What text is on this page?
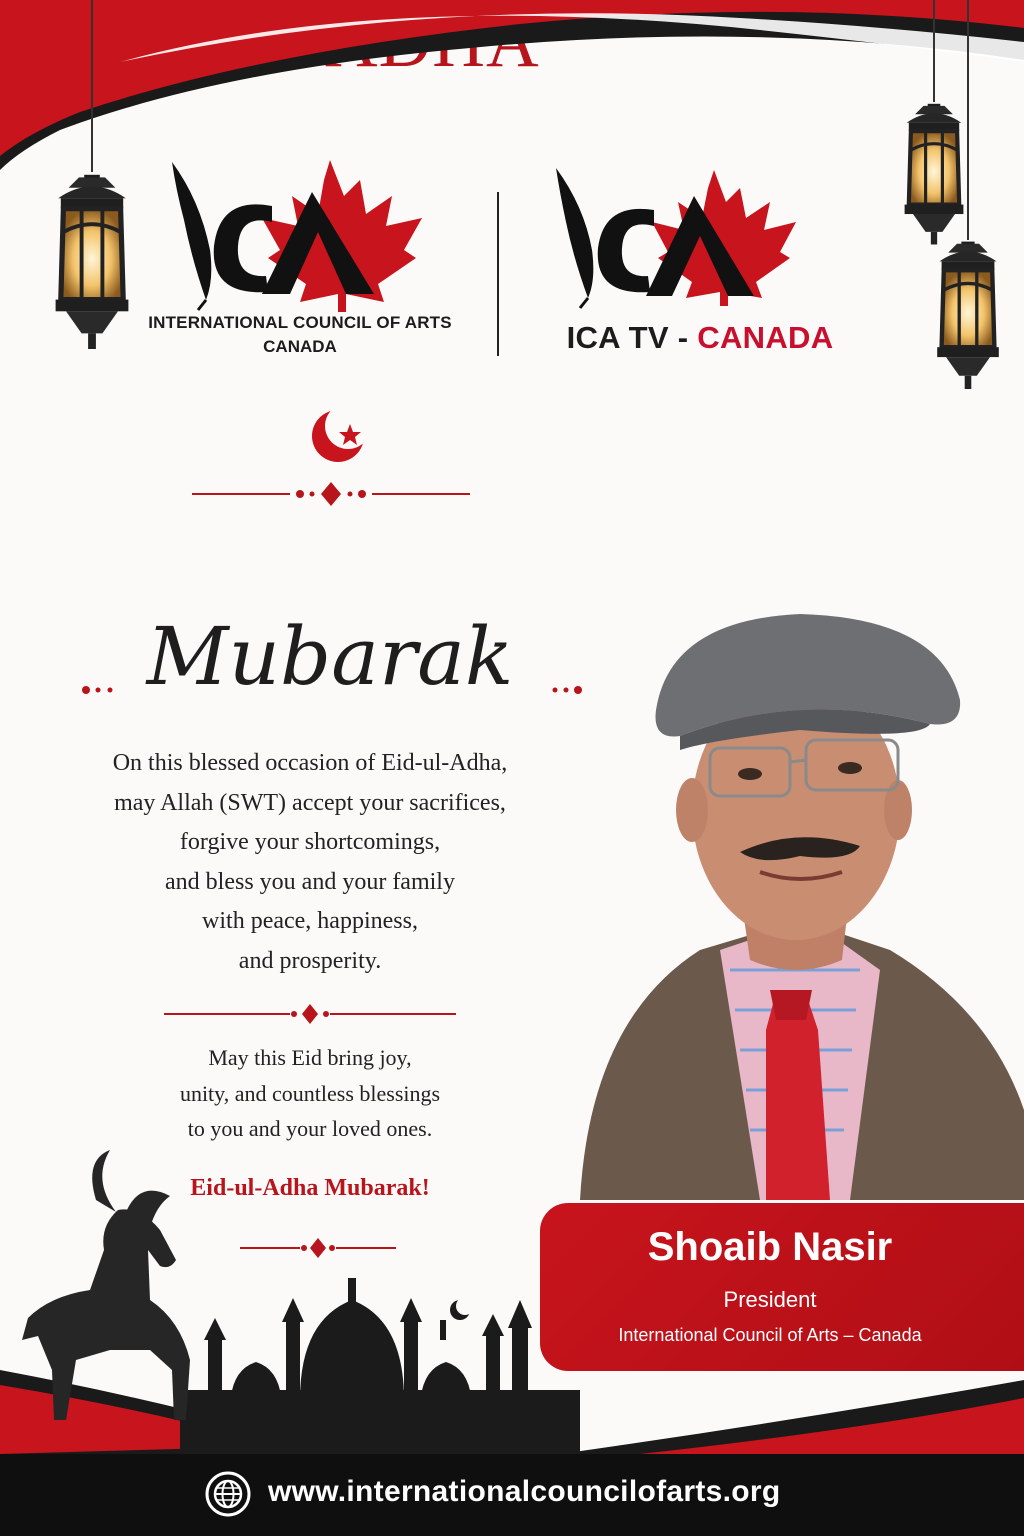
INTERNATIONAL COUNCIL OF ARTS
CANADA	ICA TV - CANADA
Mubarak
On this blessed occasion of Eid-ul-Adha,
may Allah (SWT) accept your sacrifices,
forgive your shortcomings,
and bless you and your family
with peace, happiness,
and prosperity.
May this Eid bring joy,
unity, and countless blessings
to you and your loved ones.
Eid-ul-Adha Mubarak!
Shoaib Nasir
President
International Council of Arts – Canada
www.internationalcouncilofarts.org
